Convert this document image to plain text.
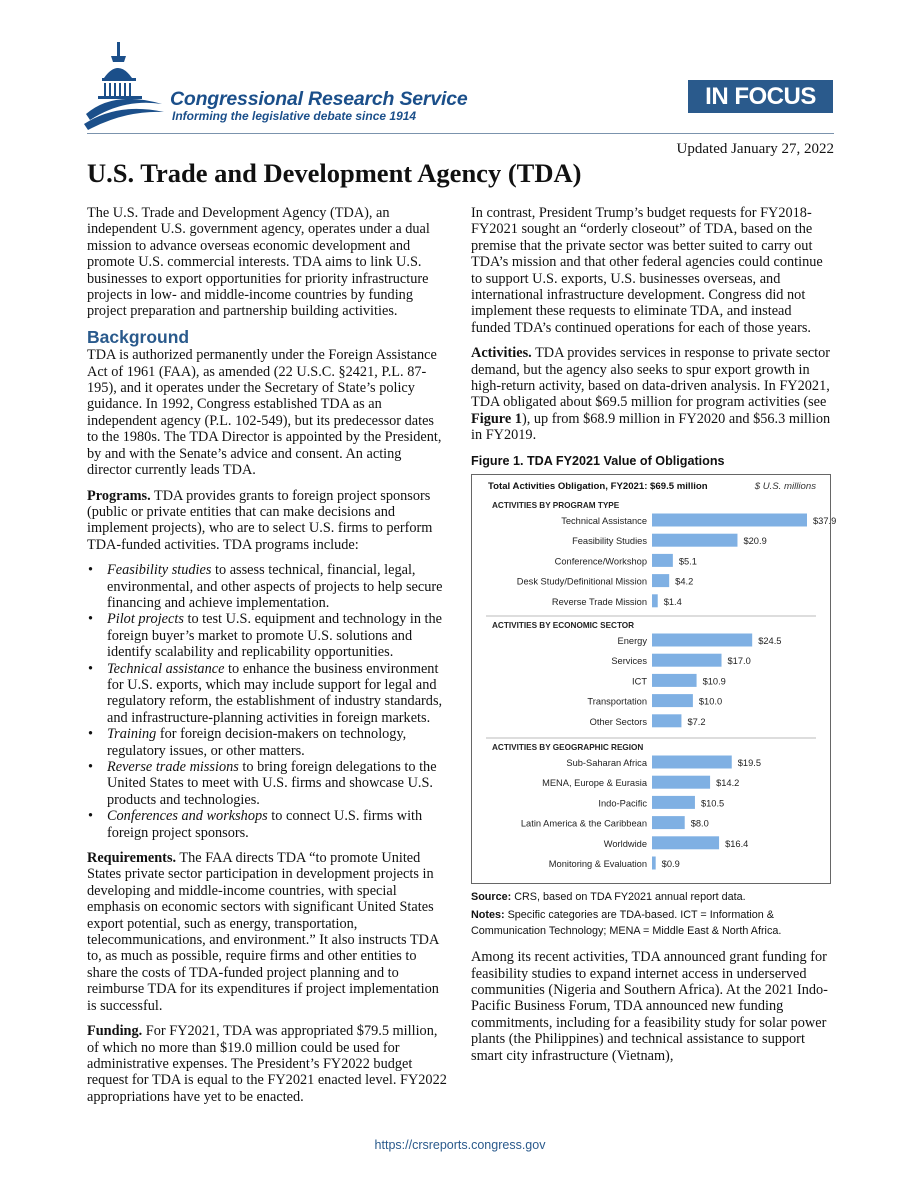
Congressional Research Service
Informing the legislative debate since 1914
IN FOCUS
Updated January 27, 2022
U.S. Trade and Development Agency (TDA)

The U.S. Trade and Development Agency (TDA), an independent U.S. government agency, operates under a dual mission to advance overseas economic development and promote U.S. commercial interests. TDA aims to link U.S. businesses to export opportunities for priority infrastructure projects in low- and middle-income countries by funding project preparation and partnership building activities.

Background

TDA is authorized permanently under the Foreign Assistance Act of 1961 (FAA), as amended (22 U.S.C. §2421, P.L. 87-195), and it operates under the Secretary of State’s policy guidance. In 1992, Congress established TDA as an independent agency (P.L. 102-549), but its predecessor dates to the 1980s. The TDA Director is appointed by the President, by and with the Senate’s advice and consent. An acting director currently leads TDA.

Programs. TDA provides grants to foreign project sponsors (public or private entities that can make decisions and implement projects), who are to select U.S. firms to perform TDA-funded activities. TDA programs include:

• Feasibility studies to assess technical, financial, legal, environmental, and other aspects of projects to help secure financing and achieve implementation.
• Pilot projects to test U.S. equipment and technology in the foreign buyer’s market to promote U.S. solutions and identify scalability and replicability opportunities.
• Technical assistance to enhance the business environment for U.S. exports, which may include support for legal and regulatory reform, the establishment of industry standards, and infrastructure-planning activities in foreign markets.
• Training for foreign decision-makers on technology, regulatory issues, or other matters.
• Reverse trade missions to bring foreign delegations to the United States to meet with U.S. firms and showcase U.S. products and technologies.
• Conferences and workshops to connect U.S. firms with foreign project sponsors.

Requirements. The FAA directs TDA “to promote United States private sector participation in development projects in developing and middle-income countries, with special emphasis on economic sectors with significant United States export potential, such as energy, transportation, telecommunications, and environment.” It also instructs TDA to, as much as possible, require firms and other entities to share the costs of TDA-funded project planning and to reimburse TDA for its expenditures if project implementation is successful.

Funding. For FY2021, TDA was appropriated $79.5 million, of which no more than $19.0 million could be used for administrative expenses. The President’s FY2022 budget request for TDA is equal to the FY2021 enacted level. FY2022 appropriations have yet to be enacted.

In contrast, President Trump’s budget requests for FY2018-FY2021 sought an “orderly closeout” of TDA, based on the premise that the private sector was better suited to carry out TDA’s mission and that other federal agencies could continue to support U.S. exports, U.S. businesses overseas, and international infrastructure development. Congress did not implement these requests to eliminate TDA, and instead funded TDA’s continued operations for each of those years.

Activities. TDA provides services in response to private sector demand, but the agency also seeks to spur export growth in high-return activity, based on data-driven analysis. In FY2021, TDA obligated about $69.5 million for program activities (see Figure 1), up from $68.9 million in FY2020 and $56.3 million in FY2019.

Figure 1. TDA FY2021 Value of Obligations
Total Activities Obligation, FY2021: $69.5 million	$ U.S. millions
ACTIVITIES BY PROGRAM TYPE
Technical Assistance	$37.9
Feasibility Studies	$20.9
Conference/Workshop	$5.1
Desk Study/Definitional Mission	$4.2
Reverse Trade Mission $1.4
ACTIVITIES BY ECONOMIC SECTOR
Energy	$24.5
Services	$17.0
ICT	$10.9
Transportation	$10.0
Other Sectors	$7.2
ACTIVITIES BY GEOGRAPHIC REGION
Sub-Saharan Africa	$19.5
MENA, Europe & Eurasia	$14.2
Indo-Pacific	$10.5
Latin America & the Caribbean	$8.0
Worldwide	$16.4
Monitoring & Evaluation $0.9
Source: CRS, based on TDA FY2021 annual report data.
Notes: Specific categories are TDA-based. ICT = Information & Communication Technology; MENA = Middle East & North Africa.

Among its recent activities, TDA announced grant funding for feasibility studies to expand internet access in underserved communities (Nigeria and Southern Africa). At the 2021 Indo-Pacific Business Forum, TDA announced new funding commitments, including for a feasibility study for solar power plants (the Philippines) and technical assistance to support smart city infrastructure (Vietnam),

https://crsreports.congress.gov
